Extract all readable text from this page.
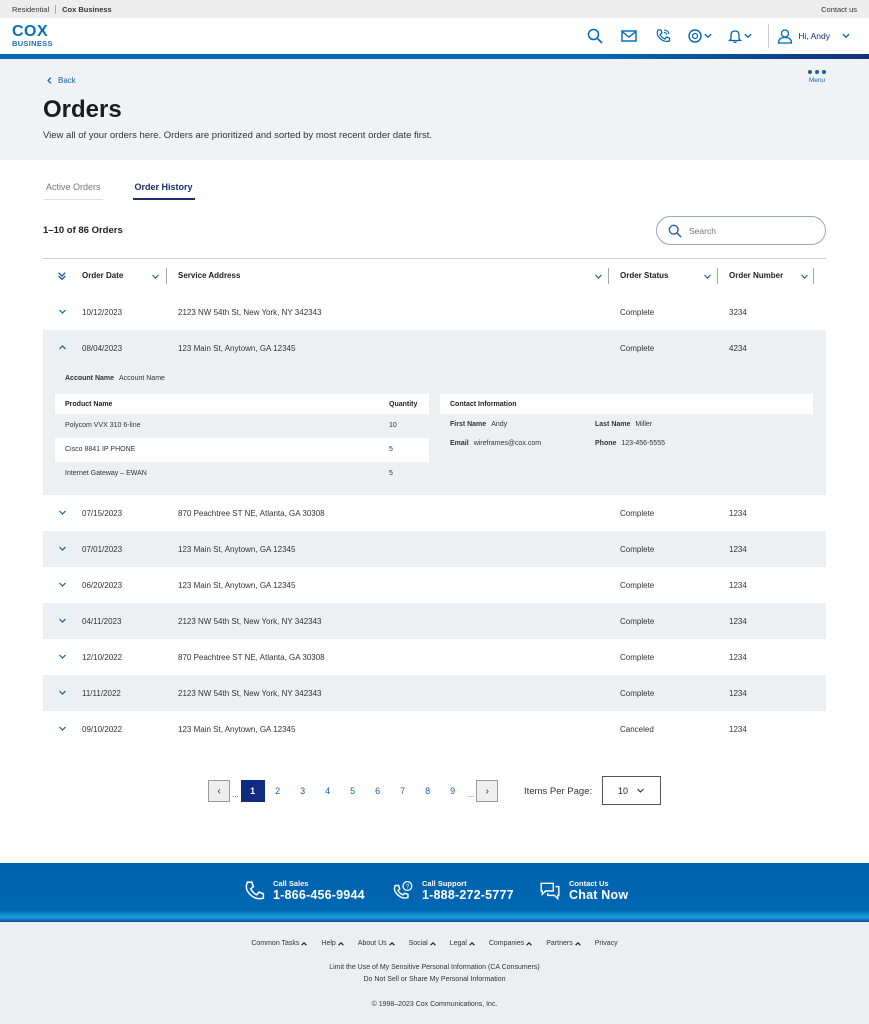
Residential Cox Business	Contact us
COX
BUSINESS
Hi, Andy
Back
Orders
View all of your orders here. Orders are prioritized and sorted by most recent order date first.
Menu
Active Orders	Order History
1–10 of 86 Orders
Search
Order Date	Service Address	Order Status	Order Number
10/12/2023	2123 NW 54th St, New York, NY 342343	Complete	3234
08/04/2023	123 Main St, Anytown, GA 12345	Complete	4234
Account Name Account Name
Product Name	Quantity
Polycom VVX 310 6-line	10
Cisco 8841 IP PHONE	5
Internet Gateway – EWAN	5
Contact Information
First Name Andy	Last Name Miller
Email wireframes@cox.com	Phone 123-456-5555
07/15/2023	870 Peachtree ST NE, Atlanta, GA 30308	Complete	1234
07/01/2023	123 Main St, Anytown, GA 12345	Complete	1234
06/20/2023	123 Main St, Anytown, GA 12345	Complete	1234
04/11/2023	2123 NW 54th St, New York, NY 342343	Complete	1234
12/10/2022	870 Peachtree ST NE, Atlanta, GA 30308	Complete	1234
11/11/2022	2123 NW 54th St, New York, NY 342343	Complete	1234
09/10/2022	123 Main St, Anytown, GA 12345	Canceled	1234
‹	...	1	2	3	4	5	6	7	8	9	...	›	Items Per Page:	10
Call Sales
1-866-456-9944
? Call Support
1-888-272-5777
Contact Us
Chat Now
Common Tasks	Help	About Us	Social	Legal	Companies	Partners	Privacy
Limit the Use of My Sensitive Personal Information (CA Consumers)
Do Not Sell or Share My Personal Information
© 1998–2023 Cox Communications, Inc.
